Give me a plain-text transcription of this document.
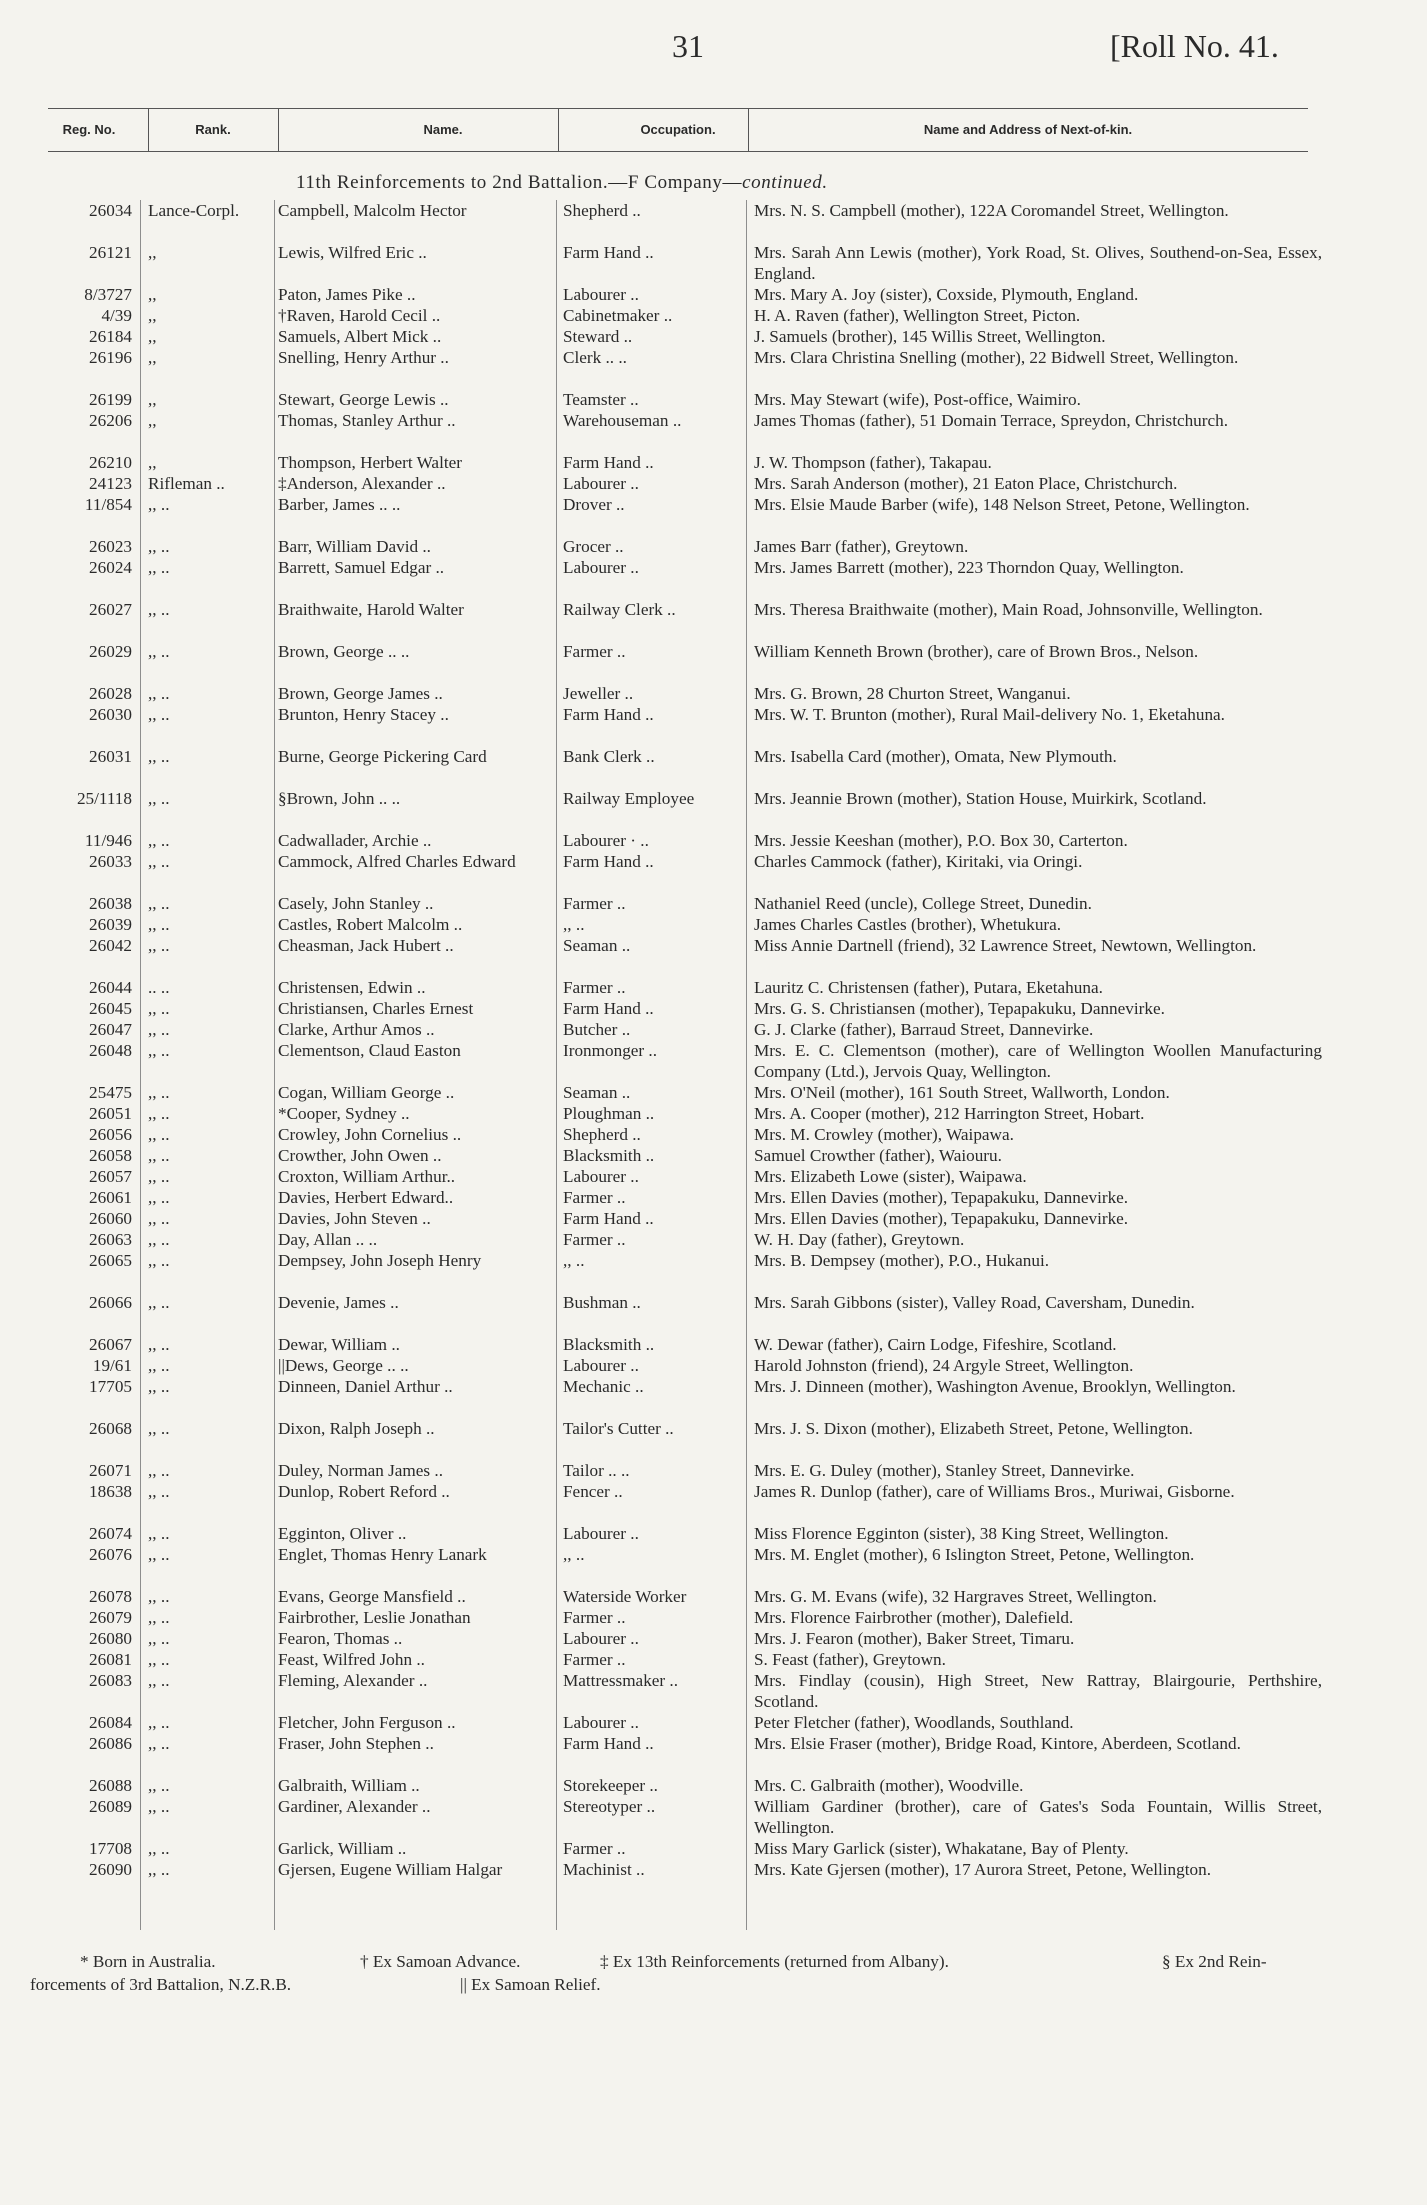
31	[Roll No. 41.
Reg. No.	Rank.	Name.	Occupation.	Name and Address of Next-of-kin.
11th Reinforcements to 2nd Battalion.—F Company—continued.
26034 Lance-Corpl.	Campbell, Malcolm Hector	Shepherd ..	Mrs. N. S. Campbell (mother), 122A Coromandel Street, Wellington.
26121 ,,	Lewis, Wilfred Eric ..	Farm Hand ..	Mrs. Sarah Ann Lewis (mother), York Road, St. Olives, Southend-on-Sea, Essex, England.
8/3727 ,,	Paton, James Pike ..	Labourer ..	Mrs. Mary A. Joy (sister), Coxside, Plymouth, England.
4/39 ,,	†Raven, Harold Cecil ..	Cabinetmaker ..	H. A. Raven (father), Wellington Street, Picton.
26184 ,,	Samuels, Albert Mick ..	Steward ..	J. Samuels (brother), 145 Willis Street, Wellington.
26196 ,,	Snelling, Henry Arthur ..	Clerk .. ..	Mrs. Clara Christina Snelling (mother), 22 Bidwell Street, Wellington.
26199 ,,	Stewart, George Lewis ..	Teamster ..	Mrs. May Stewart (wife), Post-office, Waimiro.
26206 ,,	Thomas, Stanley Arthur ..	Warehouseman ..	James Thomas (father), 51 Domain Terrace, Spreydon, Christchurch.
26210 ,,	Thompson, Herbert Walter	Farm Hand ..	J. W. Thompson (father), Takapau.
24123 Rifleman ..	‡Anderson, Alexander ..	Labourer ..	Mrs. Sarah Anderson (mother), 21 Eaton Place, Christchurch.
11/854 ,, ..	Barber, James .. ..	Drover ..	Mrs. Elsie Maude Barber (wife), 148 Nelson Street, Petone, Wellington.
26023 ,, ..	Barr, William David ..	Grocer ..	James Barr (father), Greytown.
26024 ,, ..	Barrett, Samuel Edgar ..	Labourer ..	Mrs. James Barrett (mother), 223 Thorndon Quay, Wellington.
26027 ,, ..	Braithwaite, Harold Walter	Railway Clerk ..	Mrs. Theresa Braithwaite (mother), Main Road, Johnsonville, Wellington.
26029 ,, ..	Brown, George .. ..	Farmer ..	William Kenneth Brown (brother), care of Brown Bros., Nelson.
26028 ,, ..	Brown, George James ..	Jeweller ..	Mrs. G. Brown, 28 Churton Street, Wanganui.
26030 ,, ..	Brunton, Henry Stacey ..	Farm Hand ..	Mrs. W. T. Brunton (mother), Rural Mail-delivery No. 1, Eketahuna.
26031 ,, ..	Burne, George Pickering Card	Bank Clerk ..	Mrs. Isabella Card (mother), Omata, New Plymouth.
25/1118 ,, ..	§Brown, John .. ..	Railway Employee	Mrs. Jeannie Brown (mother), Station House, Muirkirk, Scotland.
11/946 ,, ..	Cadwallader, Archie ..	Labourer · ..	Mrs. Jessie Keeshan (mother), P.O. Box 30, Carterton.
26033 ,, ..	Cammock, Alfred Charles Edward	Farm Hand ..	Charles Cammock (father), Kiritaki, via Oringi.
26038 ,, ..	Casely, John Stanley ..	Farmer ..	Nathaniel Reed (uncle), College Street, Dunedin.
26039 ,, ..	Castles, Robert Malcolm ..	,, ..	James Charles Castles (brother), Whetukura.
26042 ,, ..	Cheasman, Jack Hubert ..	Seaman ..	Miss Annie Dartnell (friend), 32 Lawrence Street, Newtown, Wellington.
26044 .. ..	Christensen, Edwin ..	Farmer ..	Lauritz C. Christensen (father), Putara, Eketahuna.
26045 ,, ..	Christiansen, Charles Ernest	Farm Hand ..	Mrs. G. S. Christiansen (mother), Tepapakuku, Dannevirke.
26047 ,, ..	Clarke, Arthur Amos ..	Butcher ..	G. J. Clarke (father), Barraud Street, Dannevirke.
26048 ,, ..	Clementson, Claud Easton	Ironmonger ..	Mrs. E. C. Clementson (mother), care of Wellington Woollen Manufacturing Company (Ltd.), Jervois Quay, Wellington.
25475 ,, ..	Cogan, William George ..	Seaman ..	Mrs. O'Neil (mother), 161 South Street, Wallworth, London.
26051 ,, ..	*Cooper, Sydney ..	Ploughman ..	Mrs. A. Cooper (mother), 212 Harrington Street, Hobart.
26056 ,, ..	Crowley, John Cornelius ..	Shepherd ..	Mrs. M. Crowley (mother), Waipawa.
26058 ,, ..	Crowther, John Owen ..	Blacksmith ..	Samuel Crowther (father), Waiouru.
26057 ,, ..	Croxton, William Arthur..	Labourer ..	Mrs. Elizabeth Lowe (sister), Waipawa.
26061 ,, ..	Davies, Herbert Edward..	Farmer ..	Mrs. Ellen Davies (mother), Tepapakuku, Dannevirke.
26060 ,, ..	Davies, John Steven ..	Farm Hand ..	Mrs. Ellen Davies (mother), Tepapakuku, Dannevirke.
26063 ,, ..	Day, Allan .. ..	Farmer ..	W. H. Day (father), Greytown.
26065 ,, ..	Dempsey, John Joseph Henry	,, ..	Mrs. B. Dempsey (mother), P.O., Hukanui.
26066 ,, ..	Devenie, James ..	Bushman ..	Mrs. Sarah Gibbons (sister), Valley Road, Caversham, Dunedin.
26067 ,, ..	Dewar, William ..	Blacksmith ..	W. Dewar (father), Cairn Lodge, Fifeshire, Scotland.
19/61 ,, ..	||Dews, George .. ..	Labourer ..	Harold Johnston (friend), 24 Argyle Street, Wellington.
17705 ,, ..	Dinneen, Daniel Arthur ..	Mechanic ..	Mrs. J. Dinneen (mother), Washington Avenue, Brooklyn, Wellington.
26068 ,, ..	Dixon, Ralph Joseph ..	Tailor's Cutter ..	Mrs. J. S. Dixon (mother), Elizabeth Street, Petone, Wellington.
26071 ,, ..	Duley, Norman James ..	Tailor .. ..	Mrs. E. G. Duley (mother), Stanley Street, Dannevirke.
18638 ,, ..	Dunlop, Robert Reford ..	Fencer ..	James R. Dunlop (father), care of Williams Bros., Muriwai, Gisborne.
26074 ,, ..	Egginton, Oliver ..	Labourer ..	Miss Florence Egginton (sister), 38 King Street, Wellington.
26076 ,, ..	Englet, Thomas Henry Lanark	,, ..	Mrs. M. Englet (mother), 6 Islington Street, Petone, Wellington.
26078 ,, ..	Evans, George Mansfield ..	Waterside Worker	Mrs. G. M. Evans (wife), 32 Hargraves Street, Wellington.
26079 ,, ..	Fairbrother, Leslie Jonathan	Farmer ..	Mrs. Florence Fairbrother (mother), Dalefield.
26080 ,, ..	Fearon, Thomas ..	Labourer ..	Mrs. J. Fearon (mother), Baker Street, Timaru.
26081 ,, ..	Feast, Wilfred John ..	Farmer ..	S. Feast (father), Greytown.
26083 ,, ..	Fleming, Alexander ..	Mattressmaker ..	Mrs. Findlay (cousin), High Street, New Rattray, Blairgourie, Perthshire, Scotland.
26084 ,, ..	Fletcher, John Ferguson ..	Labourer ..	Peter Fletcher (father), Woodlands, Southland.
26086 ,, ..	Fraser, John Stephen ..	Farm Hand ..	Mrs. Elsie Fraser (mother), Bridge Road, Kintore, Aberdeen, Scotland.
26088 ,, ..	Galbraith, William ..	Storekeeper ..	Mrs. C. Galbraith (mother), Woodville.
26089 ,, ..	Gardiner, Alexander ..	Stereotyper ..	William Gardiner (brother), care of Gates's Soda Fountain, Willis Street, Wellington.
17708 ,, ..	Garlick, William ..	Farmer ..	Miss Mary Garlick (sister), Whakatane, Bay of Plenty.
26090 ,, ..	Gjersen, Eugene William Halgar	Machinist ..	Mrs. Kate Gjersen (mother), 17 Aurora Street, Petone, Wellington.
* Born in Australia.	† Ex Samoan Advance.	‡ Ex 13th Reinforcements (returned from Albany).	§ Ex 2nd Rein-
forcements of 3rd Battalion, N.Z.R.B.	|| Ex Samoan Relief.
